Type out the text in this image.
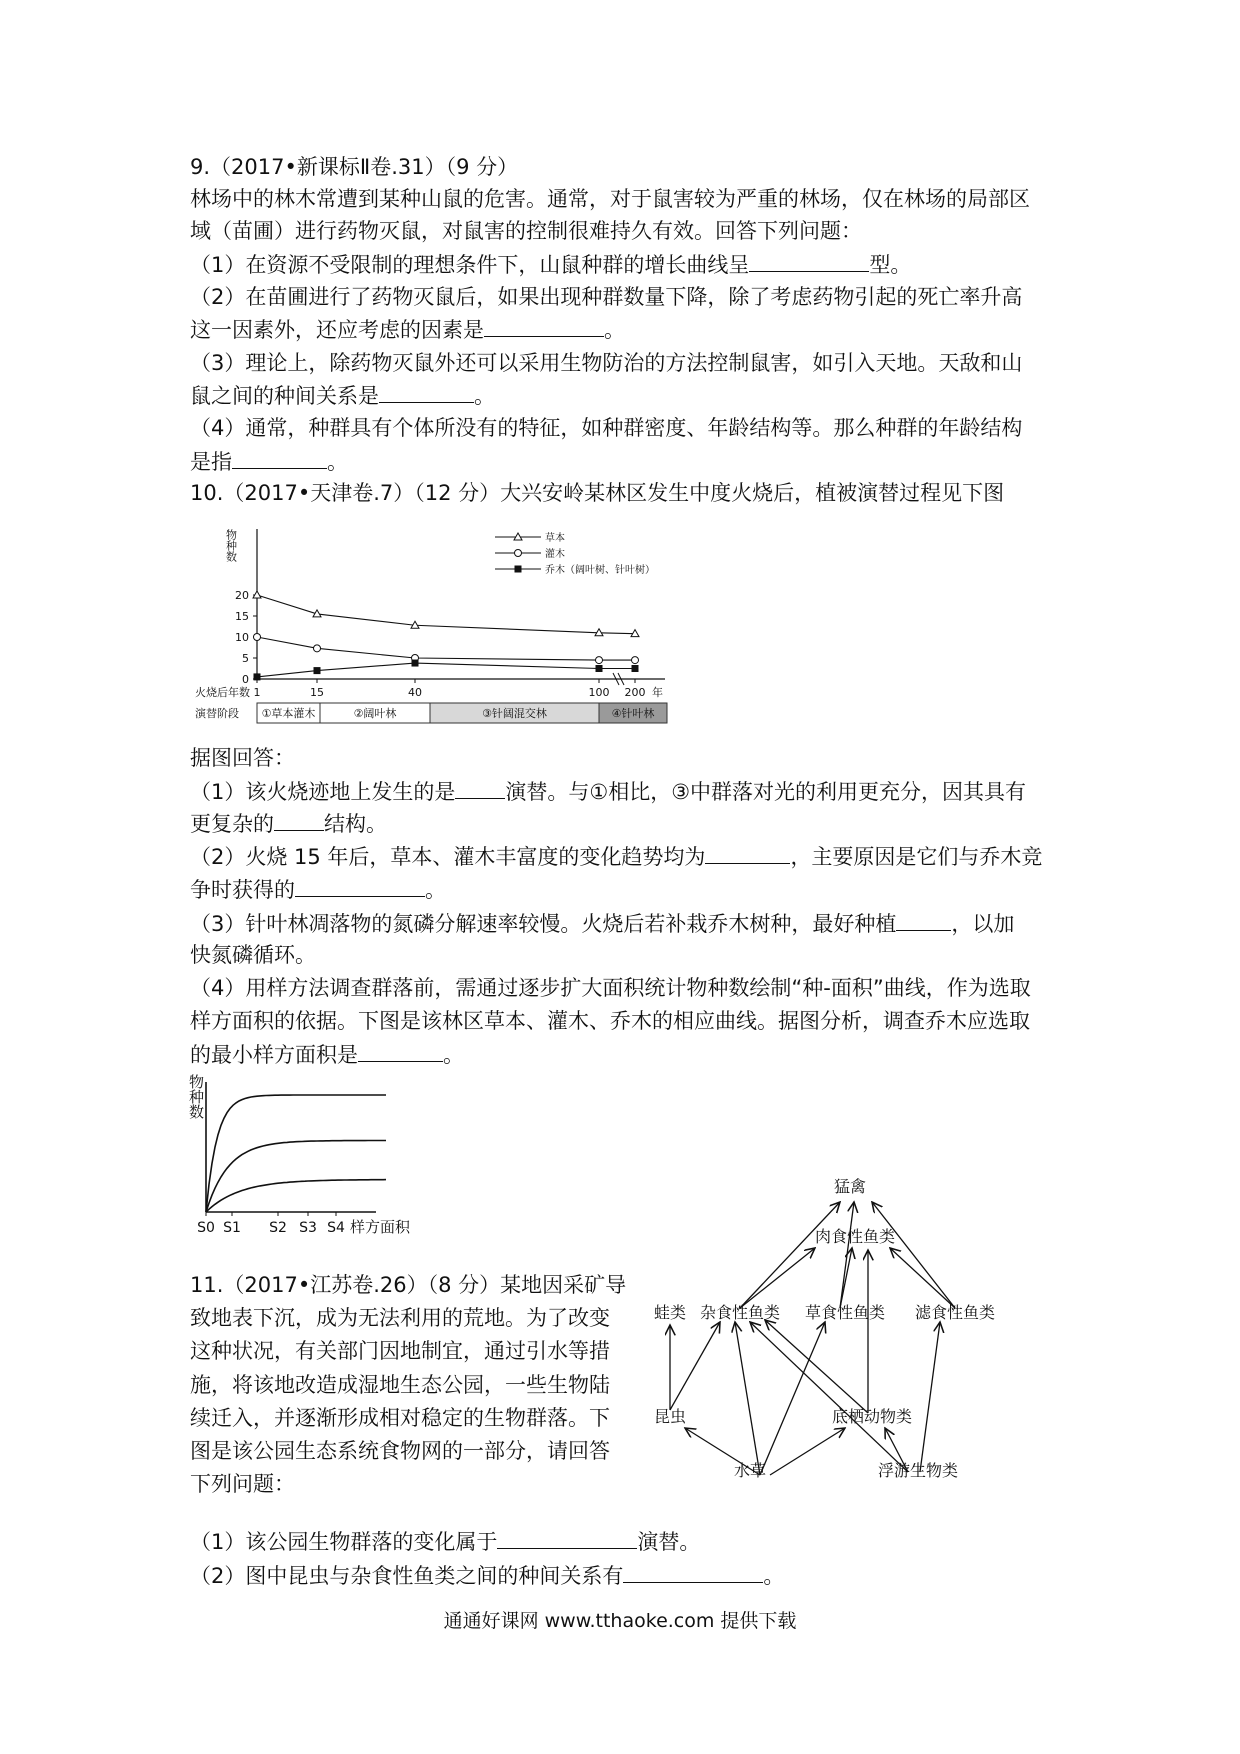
9.（2017•新课标Ⅱ卷.31）（9 分）
林场中的林木常遭到某种山鼠的危害。通常，对于鼠害较为严重的林场，仅在林场的局部区
域（苗圃）进行药物灭鼠，对鼠害的控制很难持久有效。回答下列问题：
（1）在资源不受限制的理想条件下，山鼠种群的增长曲线呈	型。
（2）在苗圃进行了药物灭鼠后，如果出现种群数量下降，除了考虑药物引起的死亡率升高
这一因素外，还应考虑的因素是	。
（3）理论上，除药物灭鼠外还可以采用生物防治的方法控制鼠害，如引入天地。天敌和山
鼠之间的种间关系是	。
（4）通常，种群具有个体所没有的特征，如种群密度、年龄结构等。那么种群的年龄结构
是指	。
10.（2017•天津卷.7）（12 分）大兴安岭某林区发生中度火烧后，植被演替过程见下图
物种数
0
5
10
15
20
1	15	40	100 200 年
火烧后年数
草本
灌木
乔木（阔叶树、针叶树）
演替阶段 ①草本灌木	②阔叶林	③针阔混交林	④针叶林
据图回答：
（1）该火烧迹地上发生的是 演替。与①相比，③中群落对光的利用更充分，因其具有
更复杂的 结构。
（2）火烧 15 年后，草本、灌木丰富度的变化趋势均为	，主要原因是它们与乔木竞
争时获得的	。
（3）针叶林凋落物的氮磷分解速率较慢。火烧后若补栽乔木树种，最好种植	，以加
快氮磷循环。
（4）用样方法调查群落前，需通过逐步扩大面积统计物种数绘制“种-面积”曲线，作为选取
样方面积的依据。下图是该林区草本、灌木、乔木的相应曲线。据图分析，调查乔木应选取
的最小样方面积是	。
物种数
S0 S1 S2 S3 S4 样方面积
11.（2017•江苏卷.26）（8 分）某地因采矿导
致地表下沉，成为无法利用的荒地。为了改变
这种状况，有关部门因地制宜，通过引水等措
施，将该地改造成湿地生态公园，一些生物陆
续迁入，并逐渐形成相对稳定的生物群落。下
图是该公园生态系统食物网的一部分，请回答
下列问题：
猛禽
肉食性鱼类
蛙类 杂食性鱼类 草食性鱼类 滤食性鱼类
昆虫	底栖动物类
水草	浮游生物类
（1）该公园生物群落的变化属于	演替。
（2）图中昆虫与杂食性鱼类之间的种间关系有	。
通通好课网 www.tthaoke.com 提供下载
